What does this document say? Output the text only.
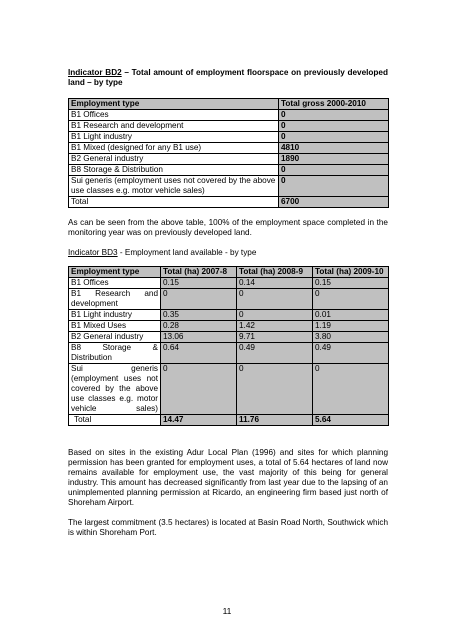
Indicator BD2 – Total amount of employment floorspace on previously developed land – by type
Employment type	Total gross 2000-2010
B1 Offices	0
B1 Research and development	0
B1 Light industry	0
B1 Mixed (designed for any B1 use)	4810
B2 General industry	1890
B8 Storage & Distribution	0
Sui generis (employment uses not covered by the above use classes e.g. motor vehicle sales)	0
Total	6700

As can be seen from the above table, 100% of the employment space completed in the monitoring year was on previously developed land.

Indicator BD3 - Employment land available - by type
Employment type	Total (ha) 2007-8	Total (ha) 2008-9	Total (ha) 2009-10
B1 Offices	0.15	0.14	0.15
B1 Research and development	0	0	0
B1 Light industry	0.35	0	0.01
B1 Mixed Uses	0.28	1.42	1.19
B2 General industry	13.06	9.71	3.80
B8 Storage & Distribution	0.64	0.49	0.49
Sui generis (employment uses not covered by the above use classes e.g. motor vehicle sales)	0	0	0
Total	14.47	11.76	5.64

Based on sites in the existing Adur Local Plan (1996) and sites for which planning permission has been granted for employment uses, a total of 5.64 hectares of land now remains available for employment use, the vast majority of this being for general industry. This amount has decreased significantly from last year due to the lapsing of an unimplemented planning permission at Ricardo, an engineering firm based just north of Shoreham Airport.

The largest commitment (3.5 hectares) is located at Basin Road North, Southwick which is within Shoreham Port.

11
